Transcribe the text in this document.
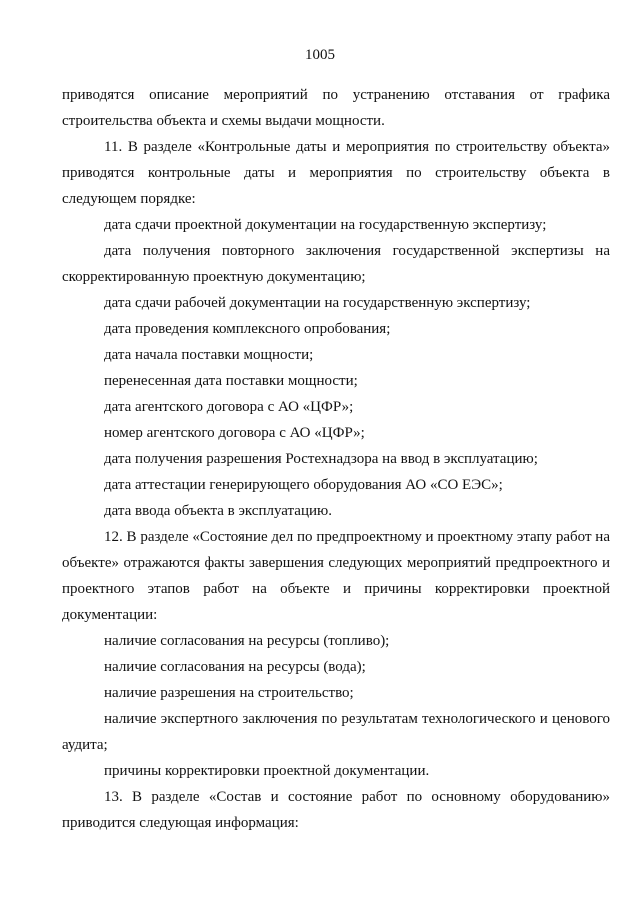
1005
приводятся описание мероприятий по устранению отставания от графика
строительства объекта и схемы выдачи мощности.
11. В разделе «Контрольные даты и мероприятия по строительству объекта»
приводятся контрольные даты и мероприятия по строительству объекта в
следующем порядке:
дата сдачи проектной документации на государственную экспертизу;
дата получения повторного заключения государственной экспертизы на
скорректированную проектную документацию;
дата сдачи рабочей документации на государственную экспертизу;
дата проведения комплексного опробования;
дата начала поставки мощности;
перенесенная дата поставки мощности;
дата агентского договора с АО «ЦФР»;
номер агентского договора с АО «ЦФР»;
дата получения разрешения Ростехнадзора на ввод в эксплуатацию;
дата аттестации генерирующего оборудования АО «СО ЕЭС»;
дата ввода объекта в эксплуатацию.
12. В разделе «Состояние дел по предпроектному и проектному этапу работ на
объекте» отражаются факты завершения следующих мероприятий предпроектного и
проектного этапов работ на объекте и причины корректировки проектной
документации:
наличие согласования на ресурсы (топливо);
наличие согласования на ресурсы (вода);
наличие разрешения на строительство;
наличие экспертного заключения по результатам технологического и ценового
аудита;
причины корректировки проектной документации.
13. В разделе «Состав и состояние работ по основному оборудованию»
приводится следующая информация:
